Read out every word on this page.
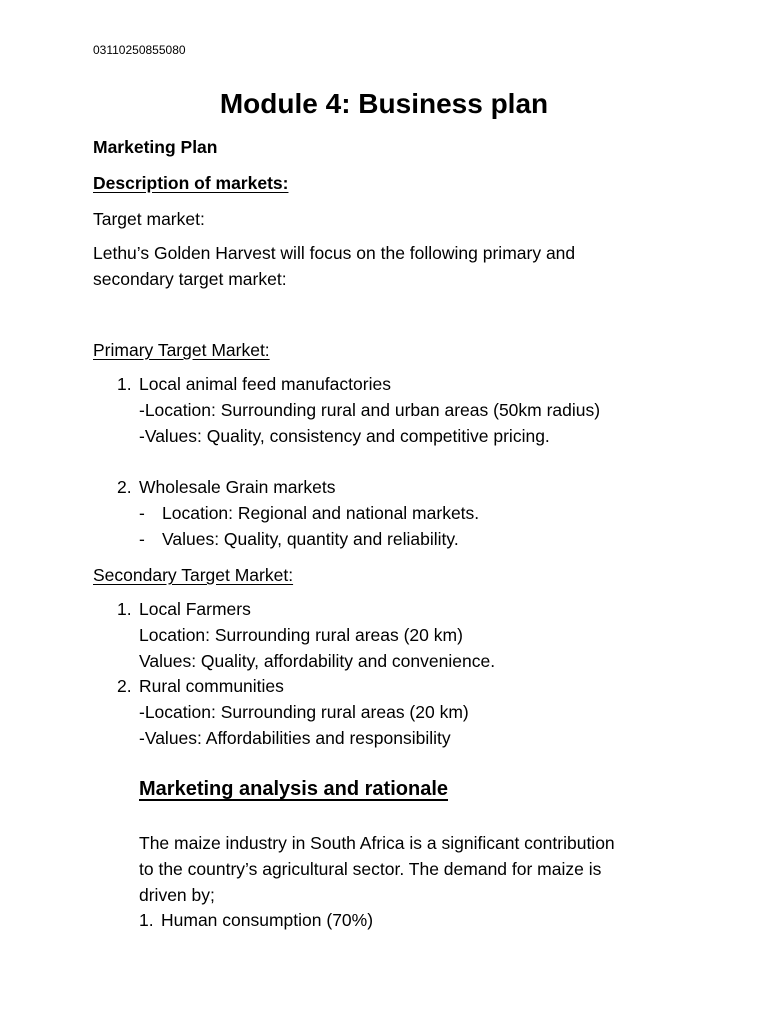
03110250855080
Module 4: Business plan
Marketing Plan
Description of markets:
Target market:
Lethu’s Golden Harvest will focus on the following primary and
secondary target market:
Primary Target Market:
1. Local animal feed manufactories
-Location: Surrounding rural and urban areas (50km radius)
-Values: Quality, consistency and competitive pricing.
2. Wholesale Grain markets
- Location: Regional and national markets.
- Values: Quality, quantity and reliability.
Secondary Target Market:
1. Local Farmers
Location: Surrounding rural areas (20 km)
Values: Quality, affordability and convenience.
2. Rural communities
-Location: Surrounding rural areas (20 km)
-Values: Affordabilities and responsibility
Marketing analysis and rationale
The maize industry in South Africa is a significant contribution
to the country’s agricultural sector. The demand for maize is
driven by;
1. Human consumption (70%)
